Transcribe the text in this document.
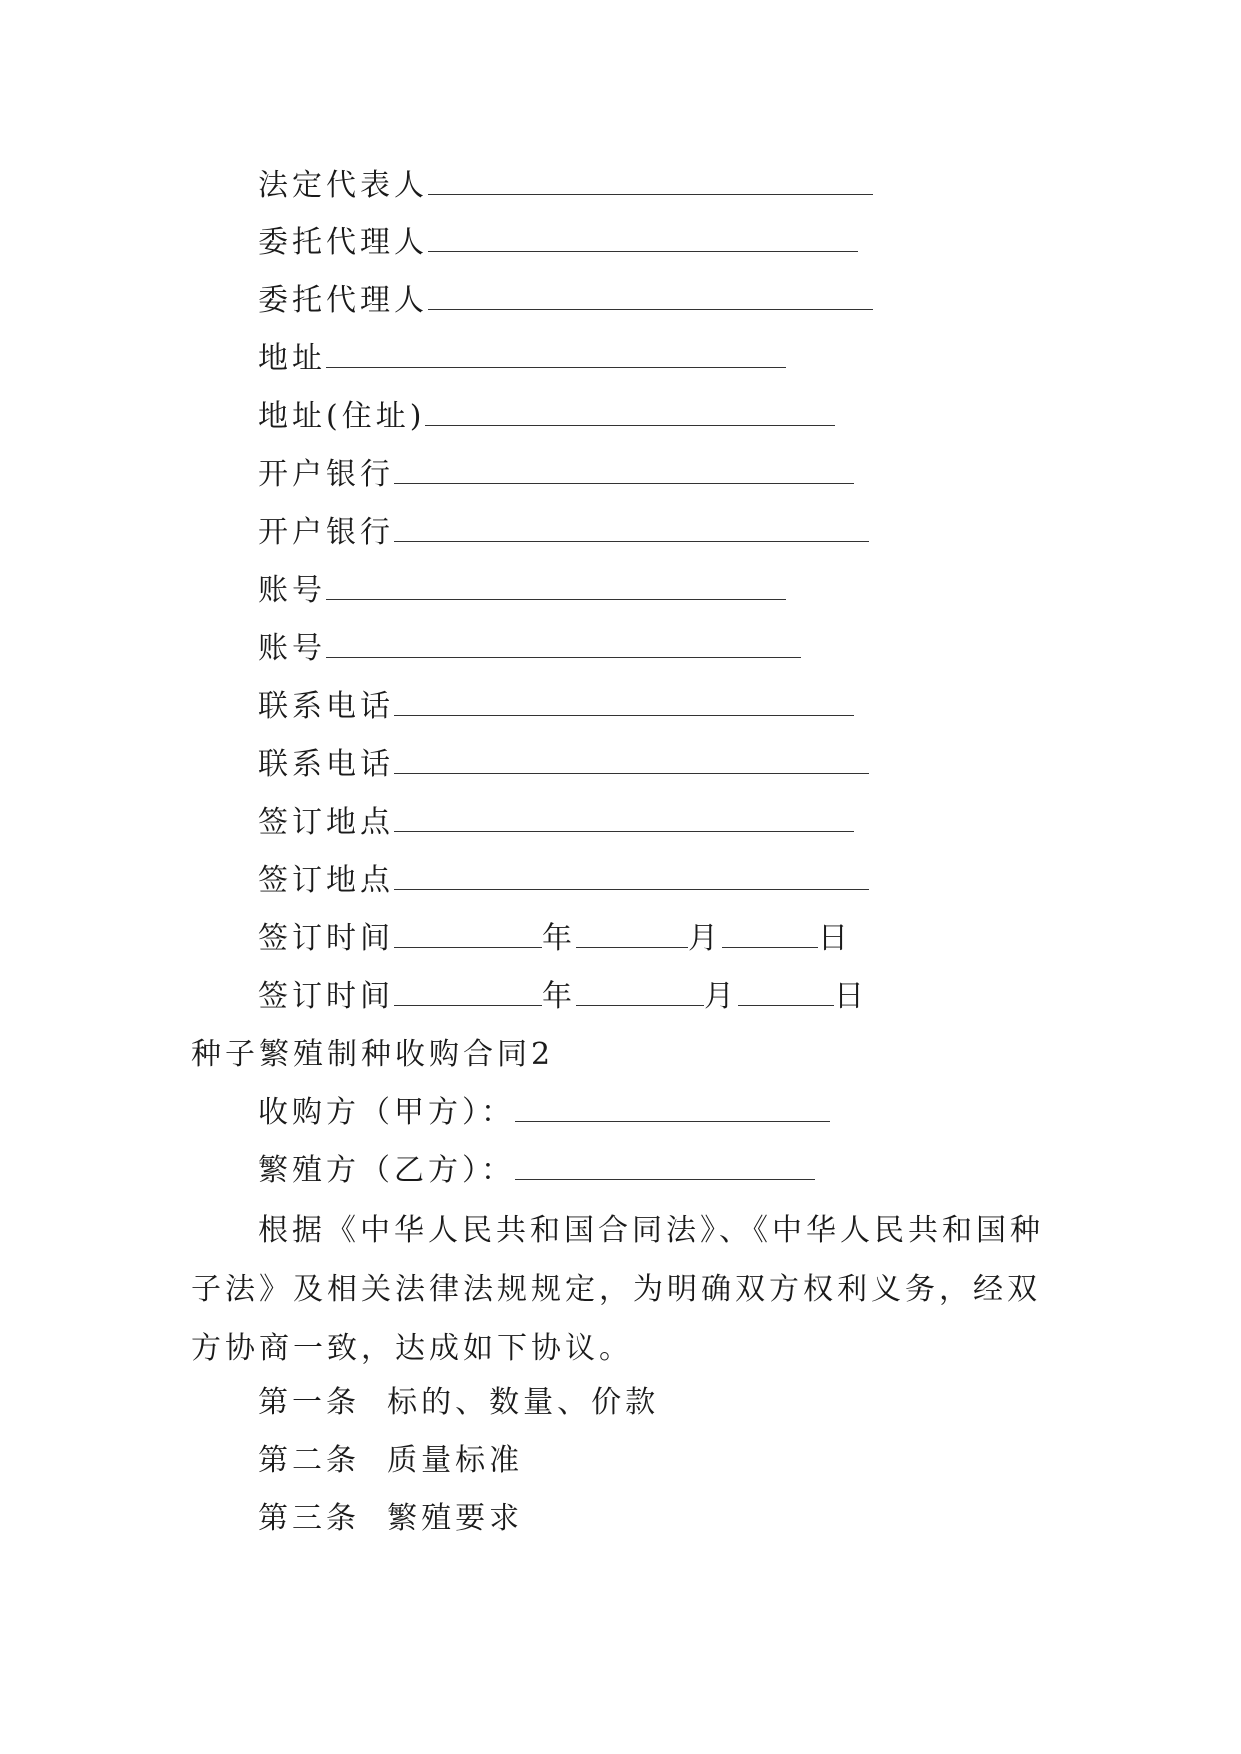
法定代表人
委托代理人
委托代理人
地址
地址(住址)
开户银行
开户银行
账号
账号
联系电话
联系电话
签订地点
签订地点
签订时间	年	月	日
签订时间	年	月	日
种子繁殖制种收购合同2
收购方（甲方）：
繁殖方（乙方）：
根据《中华人民共和国合同法》、《中华人民共和国种子法》及相关法律法规规定，为明确双方权利义务，经双方协商一致，达成如下协议。
第一条  标的、数量、价款
第二条  质量标准
第三条  繁殖要求
